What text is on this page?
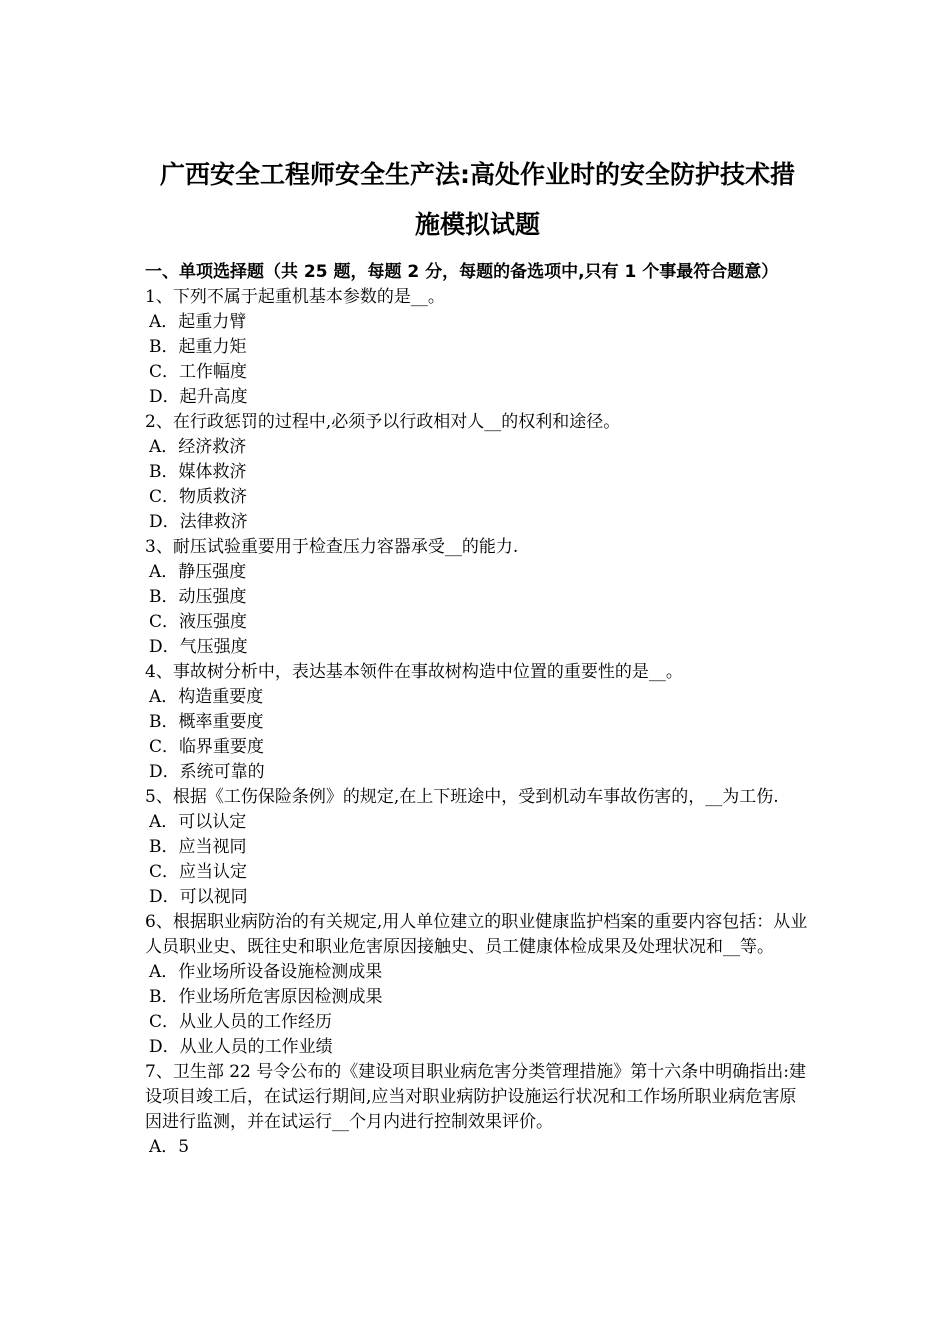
广西安全工程师安全生产法:高处作业时的安全防护技术措
施模拟试题
一、单项选择题（共 25 题，每题 2 分，每题的备选项中,只有 1 个事最符合题意）
1、下列不属于起重机基本参数的是__。
A．起重力臂
B．起重力矩
C．工作幅度
D．起升高度
2、在行政惩罚的过程中,必须予以行政相对人__的权利和途径。
A．经济救济
B．媒体救济
C．物质救济
D．法律救济
3、耐压试验重要用于检查压力容器承受__的能力.
A．静压强度
B．动压强度
C．液压强度
D．气压强度
4、事故树分析中，表达基本领件在事故树构造中位置的重要性的是__。
A．构造重要度
B．概率重要度
C．临界重要度
D．系统可靠的
5、根据《工伤保险条例》的规定,在上下班途中，受到机动车事故伤害的，__为工伤.
A．可以认定
B．应当视同
C．应当认定
D．可以视同
6、根据职业病防治的有关规定,用人单位建立的职业健康监护档案的重要内容包括：从业人员职业史、既往史和职业危害原因接触史、员工健康体检成果及处理状况和__等。
A．作业场所设备设施检测成果
B．作业场所危害原因检测成果
C．从业人员的工作经历
D．从业人员的工作业绩
7、卫生部 22 号令公布的《建设项目职业病危害分类管理措施》第十六条中明确指出:建设项目竣工后，在试运行期间,应当对职业病防护设施运行状况和工作场所职业病危害原因进行监测，并在试运行__个月内进行控制效果评价。
A．5
